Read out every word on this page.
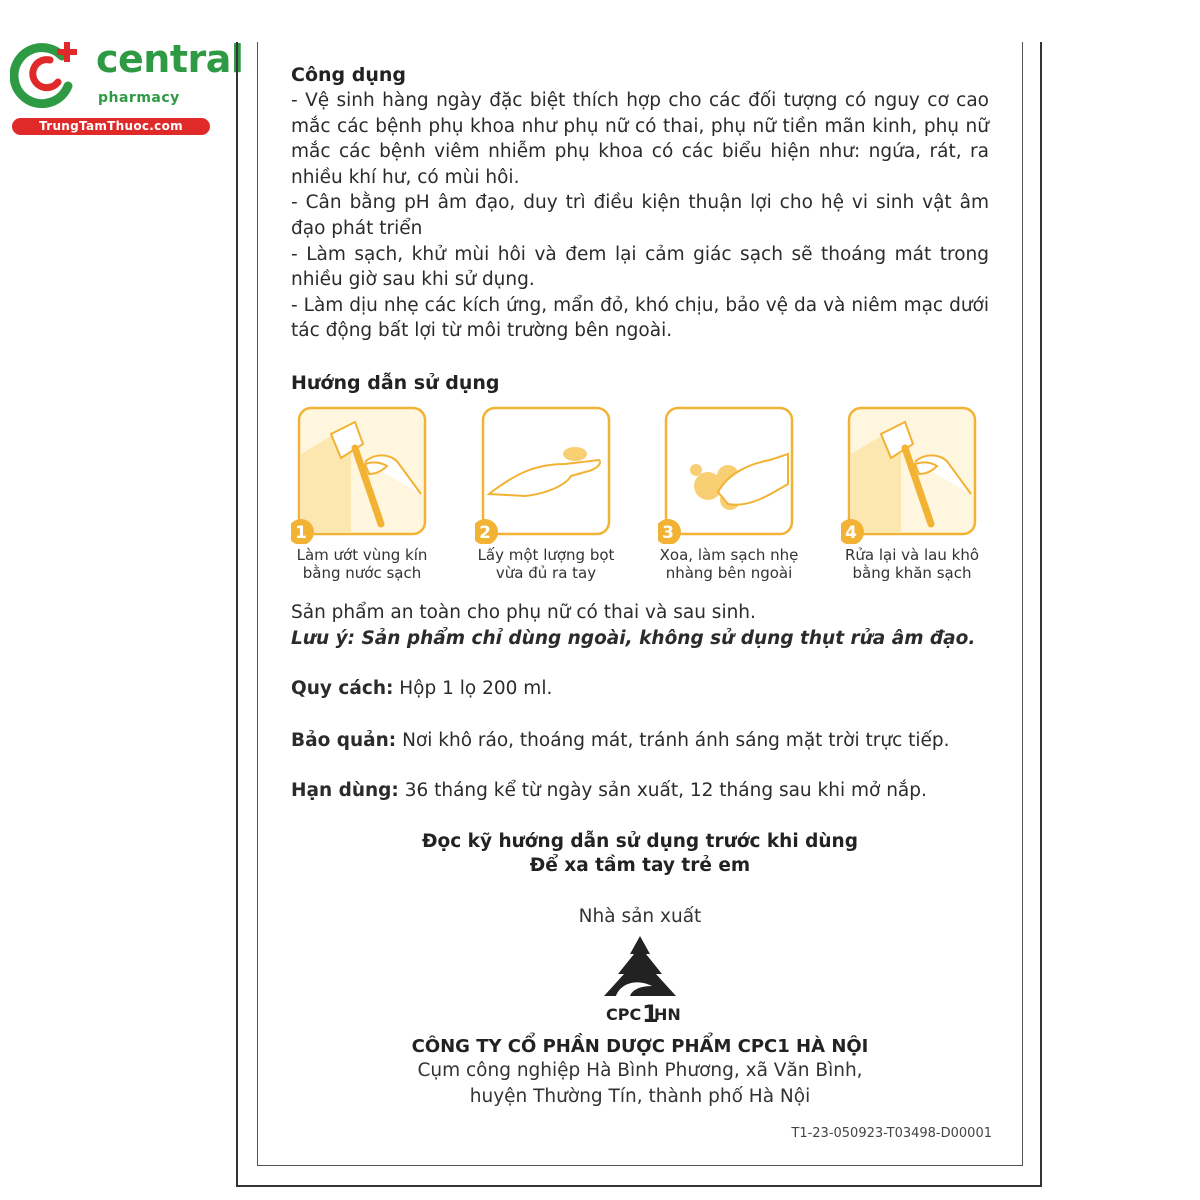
central
pharmacy
TrungTamThuoc.com

Công dụng

- Vệ sinh hàng ngày đặc biệt thích hợp cho các đối tượng có nguy cơ cao mắc các bệnh phụ khoa như phụ nữ có thai, phụ nữ tiền mãn kinh, phụ nữ mắc các bệnh viêm nhiễm phụ khoa có các biểu hiện như: ngứa, rát, ra nhiều khí hư, có mùi hôi.

- Cân bằng pH âm đạo, duy trì điều kiện thuận lợi cho hệ vi sinh vật âm đạo phát triển

- Làm sạch, khử mùi hôi và đem lại cảm giác sạch sẽ thoáng mát trong nhiều giờ sau khi sử dụng.

- Làm dịu nhẹ các kích ứng, mẩn đỏ, khó chịu, bảo vệ da và niêm mạc dưới tác động bất lợi từ môi trường bên ngoài.

Hướng dẫn sử dụng

1
Làm ướt vùng kín
bằng nước sạch
2
Lấy một lượng bọt
vừa đủ ra tay
3
Xoa, làm sạch nhẹ
nhàng bên ngoài
4
Rửa lại và lau khô
bằng khăn sạch
Sản phẩm an toàn cho phụ nữ có thai và sau sinh.
Lưu ý: Sản phẩm chỉ dùng ngoài, không sử dụng thụt rửa âm đạo.
Quy cách: Hộp 1 lọ 200 ml.
Bảo quản: Nơi khô ráo, thoáng mát, tránh ánh sáng mặt trời trực tiếp.
Hạn dùng: 36 tháng kể từ ngày sản xuất, 12 tháng sau khi mở nắp.
Đọc kỹ hướng dẫn sử dụng trước khi dùng
Để xa tầm tay trẻ em
Nhà sản xuất
CPC 1
HN
CÔNG TY CỔ PHẦN DƯỢC PHẨM CPC1 HÀ NỘI
Cụm công nghiệp Hà Bình Phương, xã Văn Bình,
huyện Thường Tín, thành phố Hà Nội
T1-23-050923-T03498-D00001
